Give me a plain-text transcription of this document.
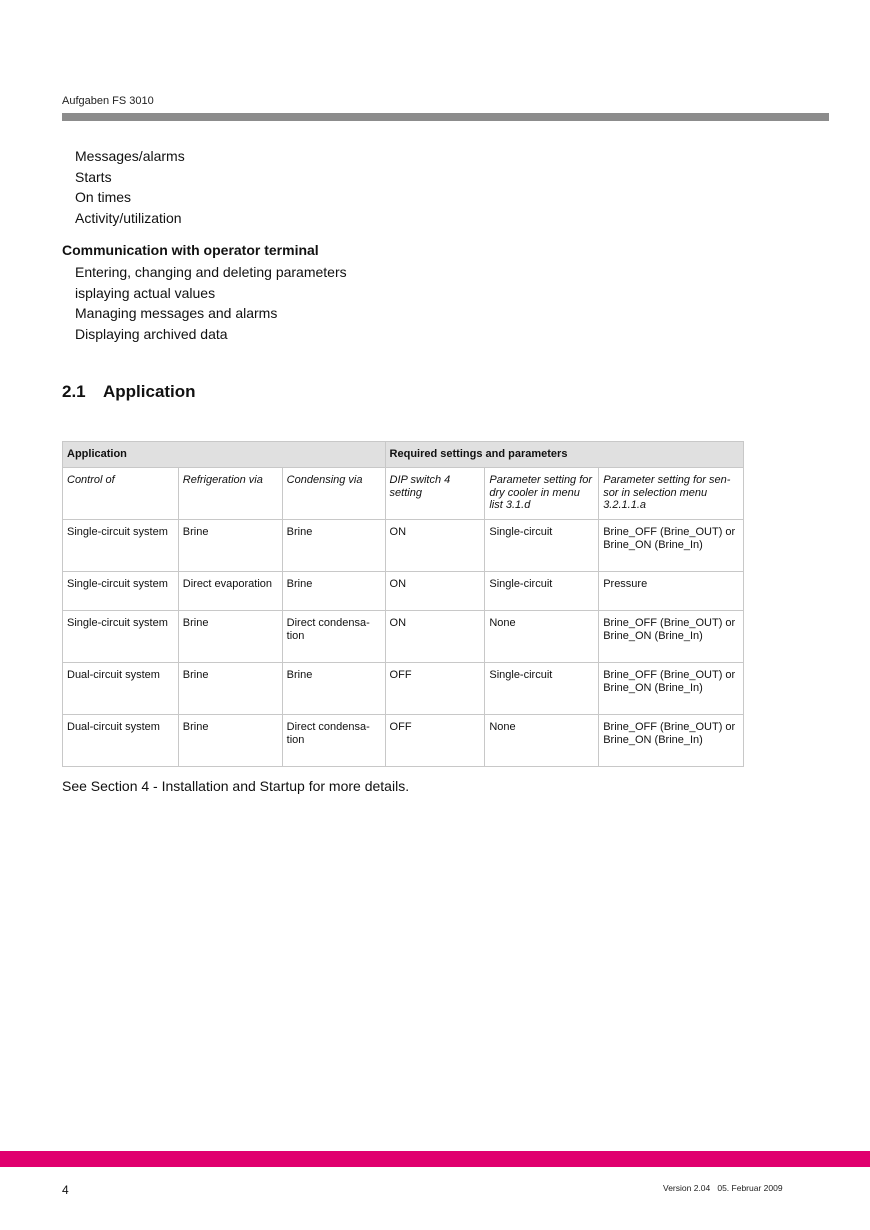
Aufgaben FS 3010
Messages/alarms
Starts
On times
Activity/utilization
Communication with operator terminal
Entering, changing and deleting parameters
isplaying actual values
Managing messages and alarms
Displaying archived data
2.1 Application
Application			Required settings and parameters		
Control of	Refrigeration via	Condensing via	DIP switch 4 setting	Parameter setting for dry cooler in menu list 3.1.d	Parameter setting for sen-sor in selection menu 3.2.1.1.a
Single-circuit system	Brine	Brine	ON	Single-circuit	Brine_OFF (Brine_OUT) or Brine_ON (Brine_In)
Single-circuit system	Direct evaporation	Brine	ON	Single-circuit	Pressure
Single-circuit system	Brine	Direct condensa-tion	ON	None	Brine_OFF (Brine_OUT) or Brine_ON (Brine_In)
Dual-circuit system	Brine	Brine	OFF	Single-circuit	Brine_OFF (Brine_OUT) or Brine_ON (Brine_In)
Dual-circuit system	Brine	Direct condensa-tion	OFF	None	Brine_OFF (Brine_OUT) or Brine_ON (Brine_In)
See Section 4 - Installation and Startup for more details.
4	Version 2.04   05. Februar 2009
